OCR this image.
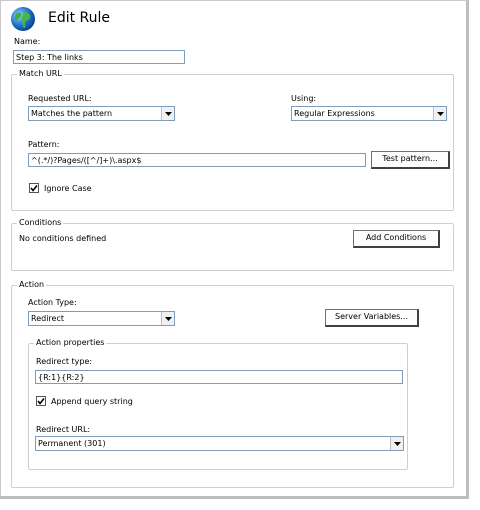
Edit Rule
Name:
Step 3: The links
Match URL
Requested URL:
Matches the pattern
Using:
Regular Expressions
Pattern:
^(.*/)?Pages/([^/]+)\.aspx$	Test pattern...
Ignore Case
Conditions
No conditions defined	Add Conditions
Action
Action Type:
Redirect	Server Variables...
Action properties
Redirect type:
{R:1}{R:2}
Append query string
Redirect URL:
Permanent (301)
